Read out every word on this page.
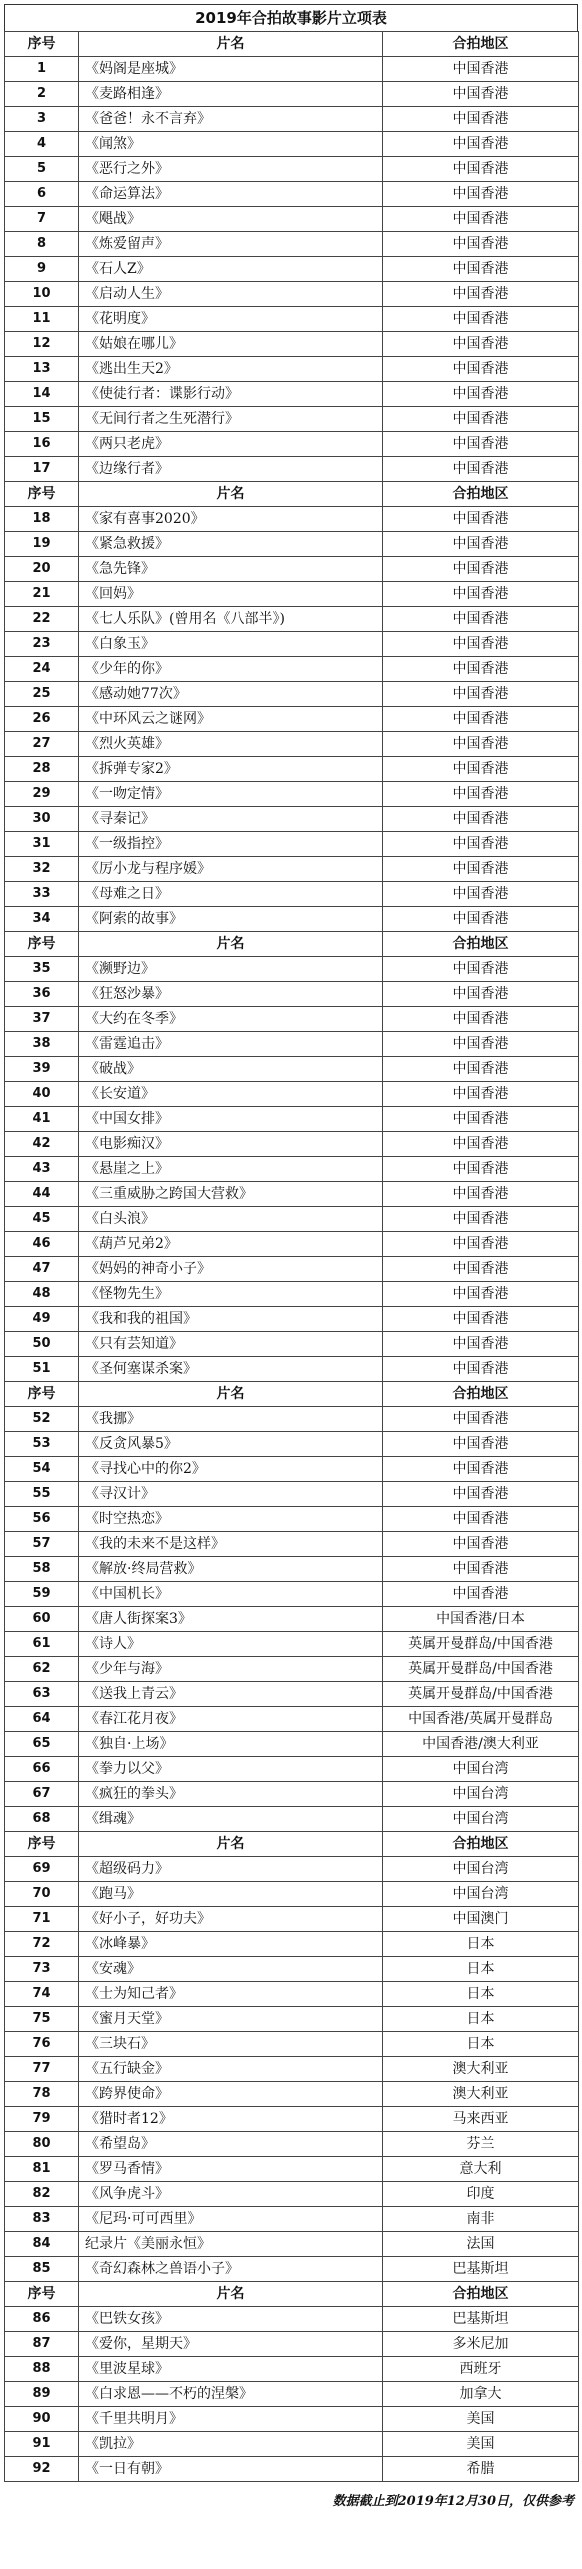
2019年合拍故事影片立项表
序号	片名	合拍地区
1	《妈阁是座城》	中国香港
2	《麦路相逢》	中国香港
3	《爸爸！永不言弃》	中国香港
4	《闻煞》	中国香港
5	《恶行之外》	中国香港
6	《命运算法》	中国香港
7	《飓战》	中国香港
8	《炼爱留声》	中国香港
9	《石人Z》	中国香港
10	《启动人生》	中国香港
11	《花明度》	中国香港
12	《姑娘在哪儿》	中国香港
13	《逃出生天2》	中国香港
14	《使徒行者：谍影行动》	中国香港
15	《无间行者之生死潜行》	中国香港
16	《两只老虎》	中国香港
17	《边缘行者》	中国香港
序号	片名	合拍地区
18	《家有喜事2020》	中国香港
19	《紧急救援》	中国香港
20	《急先锋》	中国香港
21	《回妈》	中国香港
22	《七人乐队》(曾用名《八部半》)	中国香港
23	《白象玉》	中国香港
24	《少年的你》	中国香港
25	《感动她77次》	中国香港
26	《中环风云之谜网》	中国香港
27	《烈火英雄》	中国香港
28	《拆弹专家2》	中国香港
29	《一吻定情》	中国香港
30	《寻秦记》	中国香港
31	《一级指控》	中国香港
32	《厉小龙与程序媛》	中国香港
33	《母难之日》	中国香港
34	《阿索的故事》	中国香港
序号	片名	合拍地区
35	《濒野边》	中国香港
36	《狂怒沙暴》	中国香港
37	《大约在冬季》	中国香港
38	《雷霆追击》	中国香港
39	《破战》	中国香港
40	《长安道》	中国香港
41	《中国女排》	中国香港
42	《电影痴汉》	中国香港
43	《悬崖之上》	中国香港
44	《三重威胁之跨国大营救》	中国香港
45	《白头浪》	中国香港
46	《葫芦兄弟2》	中国香港
47	《妈妈的神奇小子》	中国香港
48	《怪物先生》	中国香港
49	《我和我的祖国》	中国香港
50	《只有芸知道》	中国香港
51	《圣何塞谋杀案》	中国香港
序号	片名	合拍地区
52	《我挪》	中国香港
53	《反贪风暴5》	中国香港
54	《寻找心中的你2》	中国香港
55	《寻汉计》	中国香港
56	《时空热恋》	中国香港
57	《我的未来不是这样》	中国香港
58	《解放·终局营救》	中国香港
59	《中国机长》	中国香港
60	《唐人街探案3》	中国香港/日本
61	《诗人》	英属开曼群岛/中国香港
62	《少年与海》	英属开曼群岛/中国香港
63	《送我上青云》	英属开曼群岛/中国香港
64	《春江花月夜》	中国香港/英属开曼群岛
65	《独自·上场》	中国香港/澳大利亚
66	《拳力以父》	中国台湾
67	《疯狂的拳头》	中国台湾
68	《缉魂》	中国台湾
序号	片名	合拍地区
69	《超级码力》	中国台湾
70	《跑马》	中国台湾
71	《好小子，好功夫》	中国澳门
72	《冰峰暴》	日本
73	《安魂》	日本
74	《士为知己者》	日本
75	《蜜月天堂》	日本
76	《三块石》	日本
77	《五行缺金》	澳大利亚
78	《跨界使命》	澳大利亚
79	《猎时者12》	马来西亚
80	《希望岛》	芬兰
81	《罗马香情》	意大利
82	《风争虎斗》	印度
83	《尼玛·可可西里》	南非
84	纪录片《美丽永恒》	法国
85	《奇幻森林之兽语小子》	巴基斯坦
序号	片名	合拍地区
86	《巴铁女孩》	巴基斯坦
87	《爱你，星期天》	多米尼加
88	《里波星球》	西班牙
89	《白求恩——不朽的涅槃》	加拿大
90	《千里共明月》	美国
91	《凯拉》	美国
92	《一日有朝》	希腊
数据截止到2019年12月30日，仅供参考
